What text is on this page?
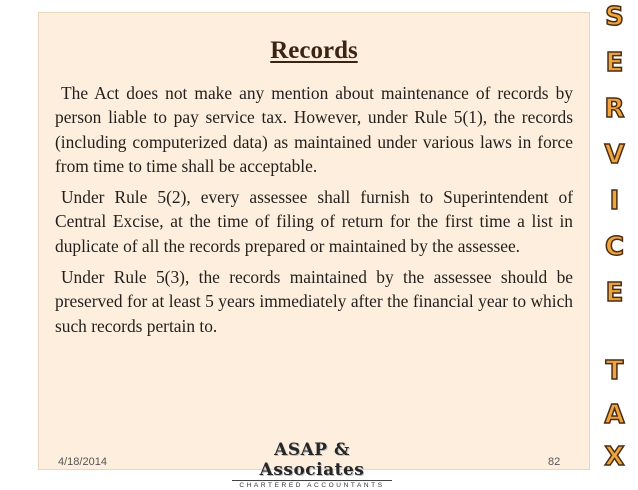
Records

The Act does not make any mention about maintenance of records by person liable to pay service tax. However, under Rule 5(1), the records (including computerized data) as maintained under various laws in force from time to time shall be acceptable.

Under Rule 5(2), every assessee shall furnish to Superintendent of Central Excise, at the time of filing of return for the first time a list in duplicate of all the records prepared or maintained by the assessee.

Under Rule 5(3), the records maintained by the assessee should be preserved for at least 5 years immediately after the financial year to which such records pertain to.

4/18/2014
ASAP & Associates
CHARTERED ACCOUNTANTS
82
S
E
R
V
I
C
E
T
A
X
